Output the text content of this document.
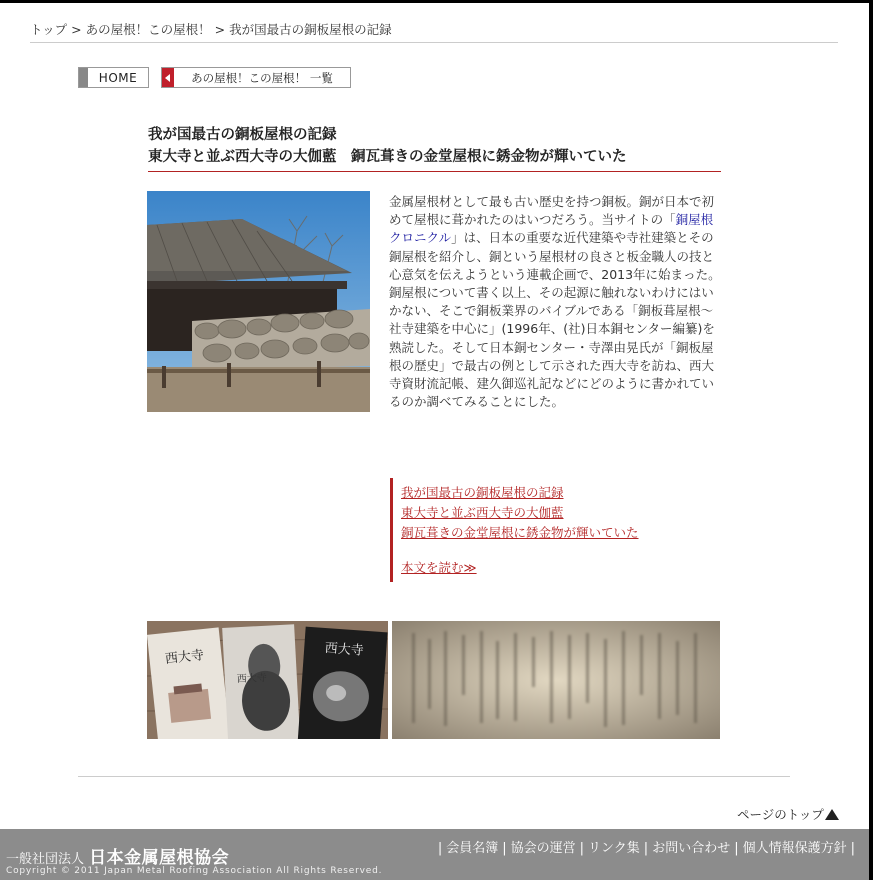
トップ > あの屋根！この屋根！ > 我が国最古の銅板屋根の記録
HOME	あの屋根！この屋根！ 一覧
我が国最古の銅板屋根の記録
東大寺と並ぶ西大寺の大伽藍　銅瓦葺きの金堂屋根に銹金物が輝いていた
金属屋根材として最も古い歴史を持つ銅板。銅が日本で初めて屋根に葺かれたのはいつだろう。当サイトの「銅屋根クロニクル」は、日本の重要な近代建築や寺社建築とその銅屋根を紹介し、銅という屋根材の良さと板金職人の技と心意気を伝えようという連載企画で、2013年に始まった。銅屋根について書く以上、その起源に触れないわけにはいかない、そこで銅板業界のバイブルである「銅板葺屋根～社寺建築を中心に」(1996年、(社)日本銅センター編纂)を熟読した。そして日本銅センター・寺澤由晃氏が「銅板屋根の歴史」で最古の例として示された西大寺を訪ね、西大寺資財流記帳、建久御巡礼記などにどのように書かれているのか調べてみることにした。
我が国最古の銅板屋根の記録
東大寺と並ぶ西大寺の大伽藍
銅瓦葺きの金堂屋根に銹金物が輝いていた
本文を読む≫
西大寺
西大寺
西大寺
ページのトップ
一般社団法人 日本金属屋根協会
Copyright © 2011 Japan Metal Roofing Association All Rights Reserved.
| 会員名簿 | 協会の運営 | リンク集 | お問い合わせ | 個人情報保護方針 |
